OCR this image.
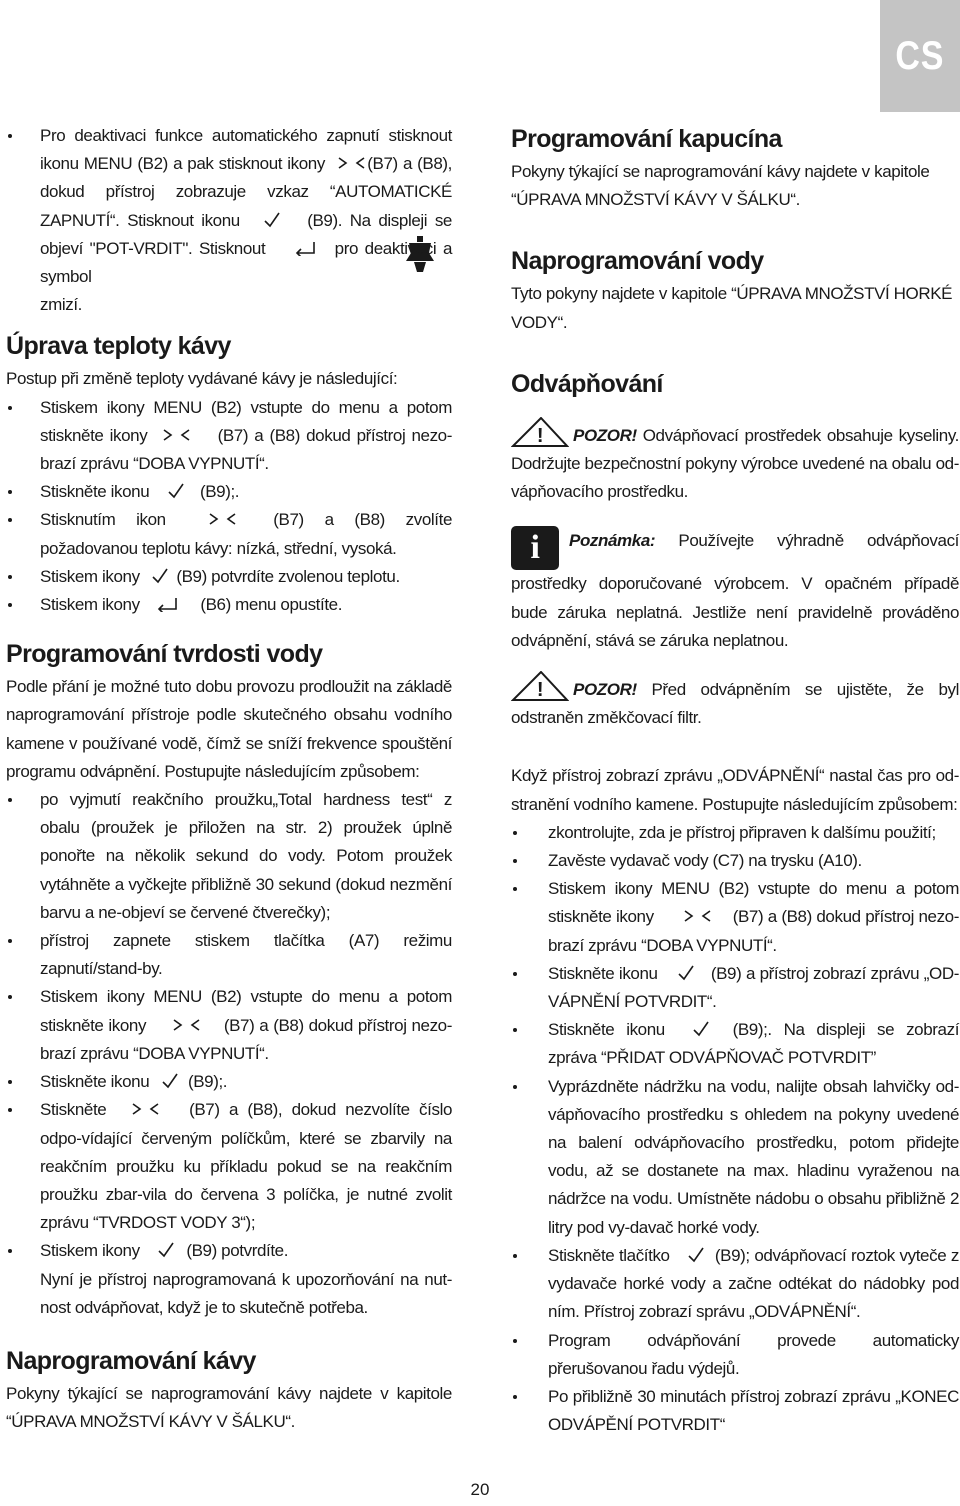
CS
Pro deaktivaci funkce automatického zapnutí stisknout ikonu MENU (B2) a pak stisknout ikony (B7) a (B8), dokud přístroj zobrazuje vzkaz “AUTOMATICKÉ ZAPNUTÍ“. Stisknout ikonu	(B9). Na displeji se objeví "POT-VRDIT". Stisknout	pro deaktivaci a symbol
zmizí.
Úprava teploty kávy

Postup při změně teploty vydávané kávy je následující:

Stiskem ikony MENU (B2) vstupte do menu a potom stiskněte ikony	(B7) a (B8) dokud přístroj nezo-brazí zprávu “DOBA VYPNUTÍ“.
Stiskněte ikonu	(B9);.
Stisknutím ikon	(B7) a (B8) zvolíte požadovanou teplotu kávy: nízká, střední, vysoká.
Stiskem ikony (B9) potvrdíte zvolenou teplotu.
Stiskem ikony	(B6) menu opustíte.
Programování tvrdosti vody

Podle přání je možné tuto dobu provozu prodloužit na základě naprogramování přístroje podle skutečného obsahu vodního kamene v používané vodě, čímž se sníží frekvence spouštění programu odvápnění. Postupujte následujícím způsobem:

po vyjmutí reakčního proužku„Total hardness test“ z obalu (proužek je přiložen na str. 2) proužek úplně ponořte na několik sekund do vody. Potom proužek vytáhněte a vyčkejte přibližně 30 sekund (dokud nezmění barvu a ne-objeví se červené čtverečky);
přístroj zapnete stiskem tlačítka (A7) režimu zapnutí/stand-by.
Stiskem ikony MENU (B2) vstupte do menu a potom stiskněte ikony	(B7) a (B8) dokud přístroj nezo-brazí zprávu “DOBA VYPNUTÍ“.
Stiskněte ikonu (B9);.
Stiskněte	(B7) a (B8), dokud nezvolíte číslo odpo-vídající červeným políčkům, které se zbarvily na reakčním proužku ku příkladu pokud se na reakčním proužku zbar-vila do červena 3 políčka, je nutné zvolit zprávu “TVRDOST VODY 3“);
Stiskem ikony	(B9) potvrdíte.
Nyní je přístroj naprogramovaná k upozorňování na nut-nost odvápňovat, když je to skutečně potřeba.
Naprogramování kávy

Pokyny týkající se naprogramování kávy najdete v kapitole “ÚPRAVA MNOŽSTVÍ KÁVY V ŠÁLKU“.

Programování kapucína

Pokyny týkající se naprogramování kávy najdete v kapitole “ÚPRAVA MNOŽSTVÍ KÁVY V ŠÁLKU“.

Naprogramování vody

Tyto pokyny najdete v kapitole “ÚPRAVA MNOŽSTVÍ HORKÉ VODY“.

Odvápňování

! POZOR! Odvápňovací prostředek obsahuje kyseliny. Dodržujte bezpečnostní pokyny výrobce uvedené na obalu od-vápňovacího prostředku.

i Poznámka: Používejte výhradně odvápňovací prostředky doporučované výrobcem. V opačném případě bude záruka neplatná. Jestliže není pravidelně prováděno odvápnění, stává se záruka neplatnou.

! POZOR! Před odvápněním se ujistěte, že byl odstraněn změkčovací filtr.

Když přístroj zobrazí zprávu „ODVÁPNĚNÍ“ nastal čas pro od-stranění vodního kamene. Postupujte následujícím způsobem:

zkontrolujte, zda je přístroj připraven k dalšímu použití;
Zavěste vydavač vody (C7) na trysku (A10).
Stiskem ikony MENU (B2) vstupte do menu a potom stiskněte ikony	(B7) a (B8) dokud přístroj nezo-brazí zprávu “DOBA VYPNUTÍ“.
Stiskněte ikonu	(B9) a přístroj zobrazí zprávu „OD-VÁPNĚNÍ POTVRDIT“.
Stiskněte ikonu	(B9);. Na displeji se zobrazí zpráva “PŘIDAT ODVÁPŇOVAČ POTVRDIT”
Vyprázdněte nádržku na vodu, nalijte obsah lahvičky od-vápňovacího prostředku s ohledem na pokyny uvedené na balení odvápňovacího prostředku, potom přidejte vodu, až se dostanete na max. hladinu vyraženou na nádržce na vodu. Umístněte nádobu o obsahu přibližně 2 litry pod vy-davač horké vody.
Stiskněte tlačítko	(B9); odvápňovací roztok vyteče z vydavače horké vody a začne odtékat do nádobky pod ním. Přístroj zobrazí správu „ODVÁPNĚNÍ“.
Program odvápňování provede automaticky přerušovanou řadu výdejů.
Po přibližně 30 minutách přístroj zobrazí zprávu „KONEC ODVÁPĚNÍ POTVRDIT“
20
